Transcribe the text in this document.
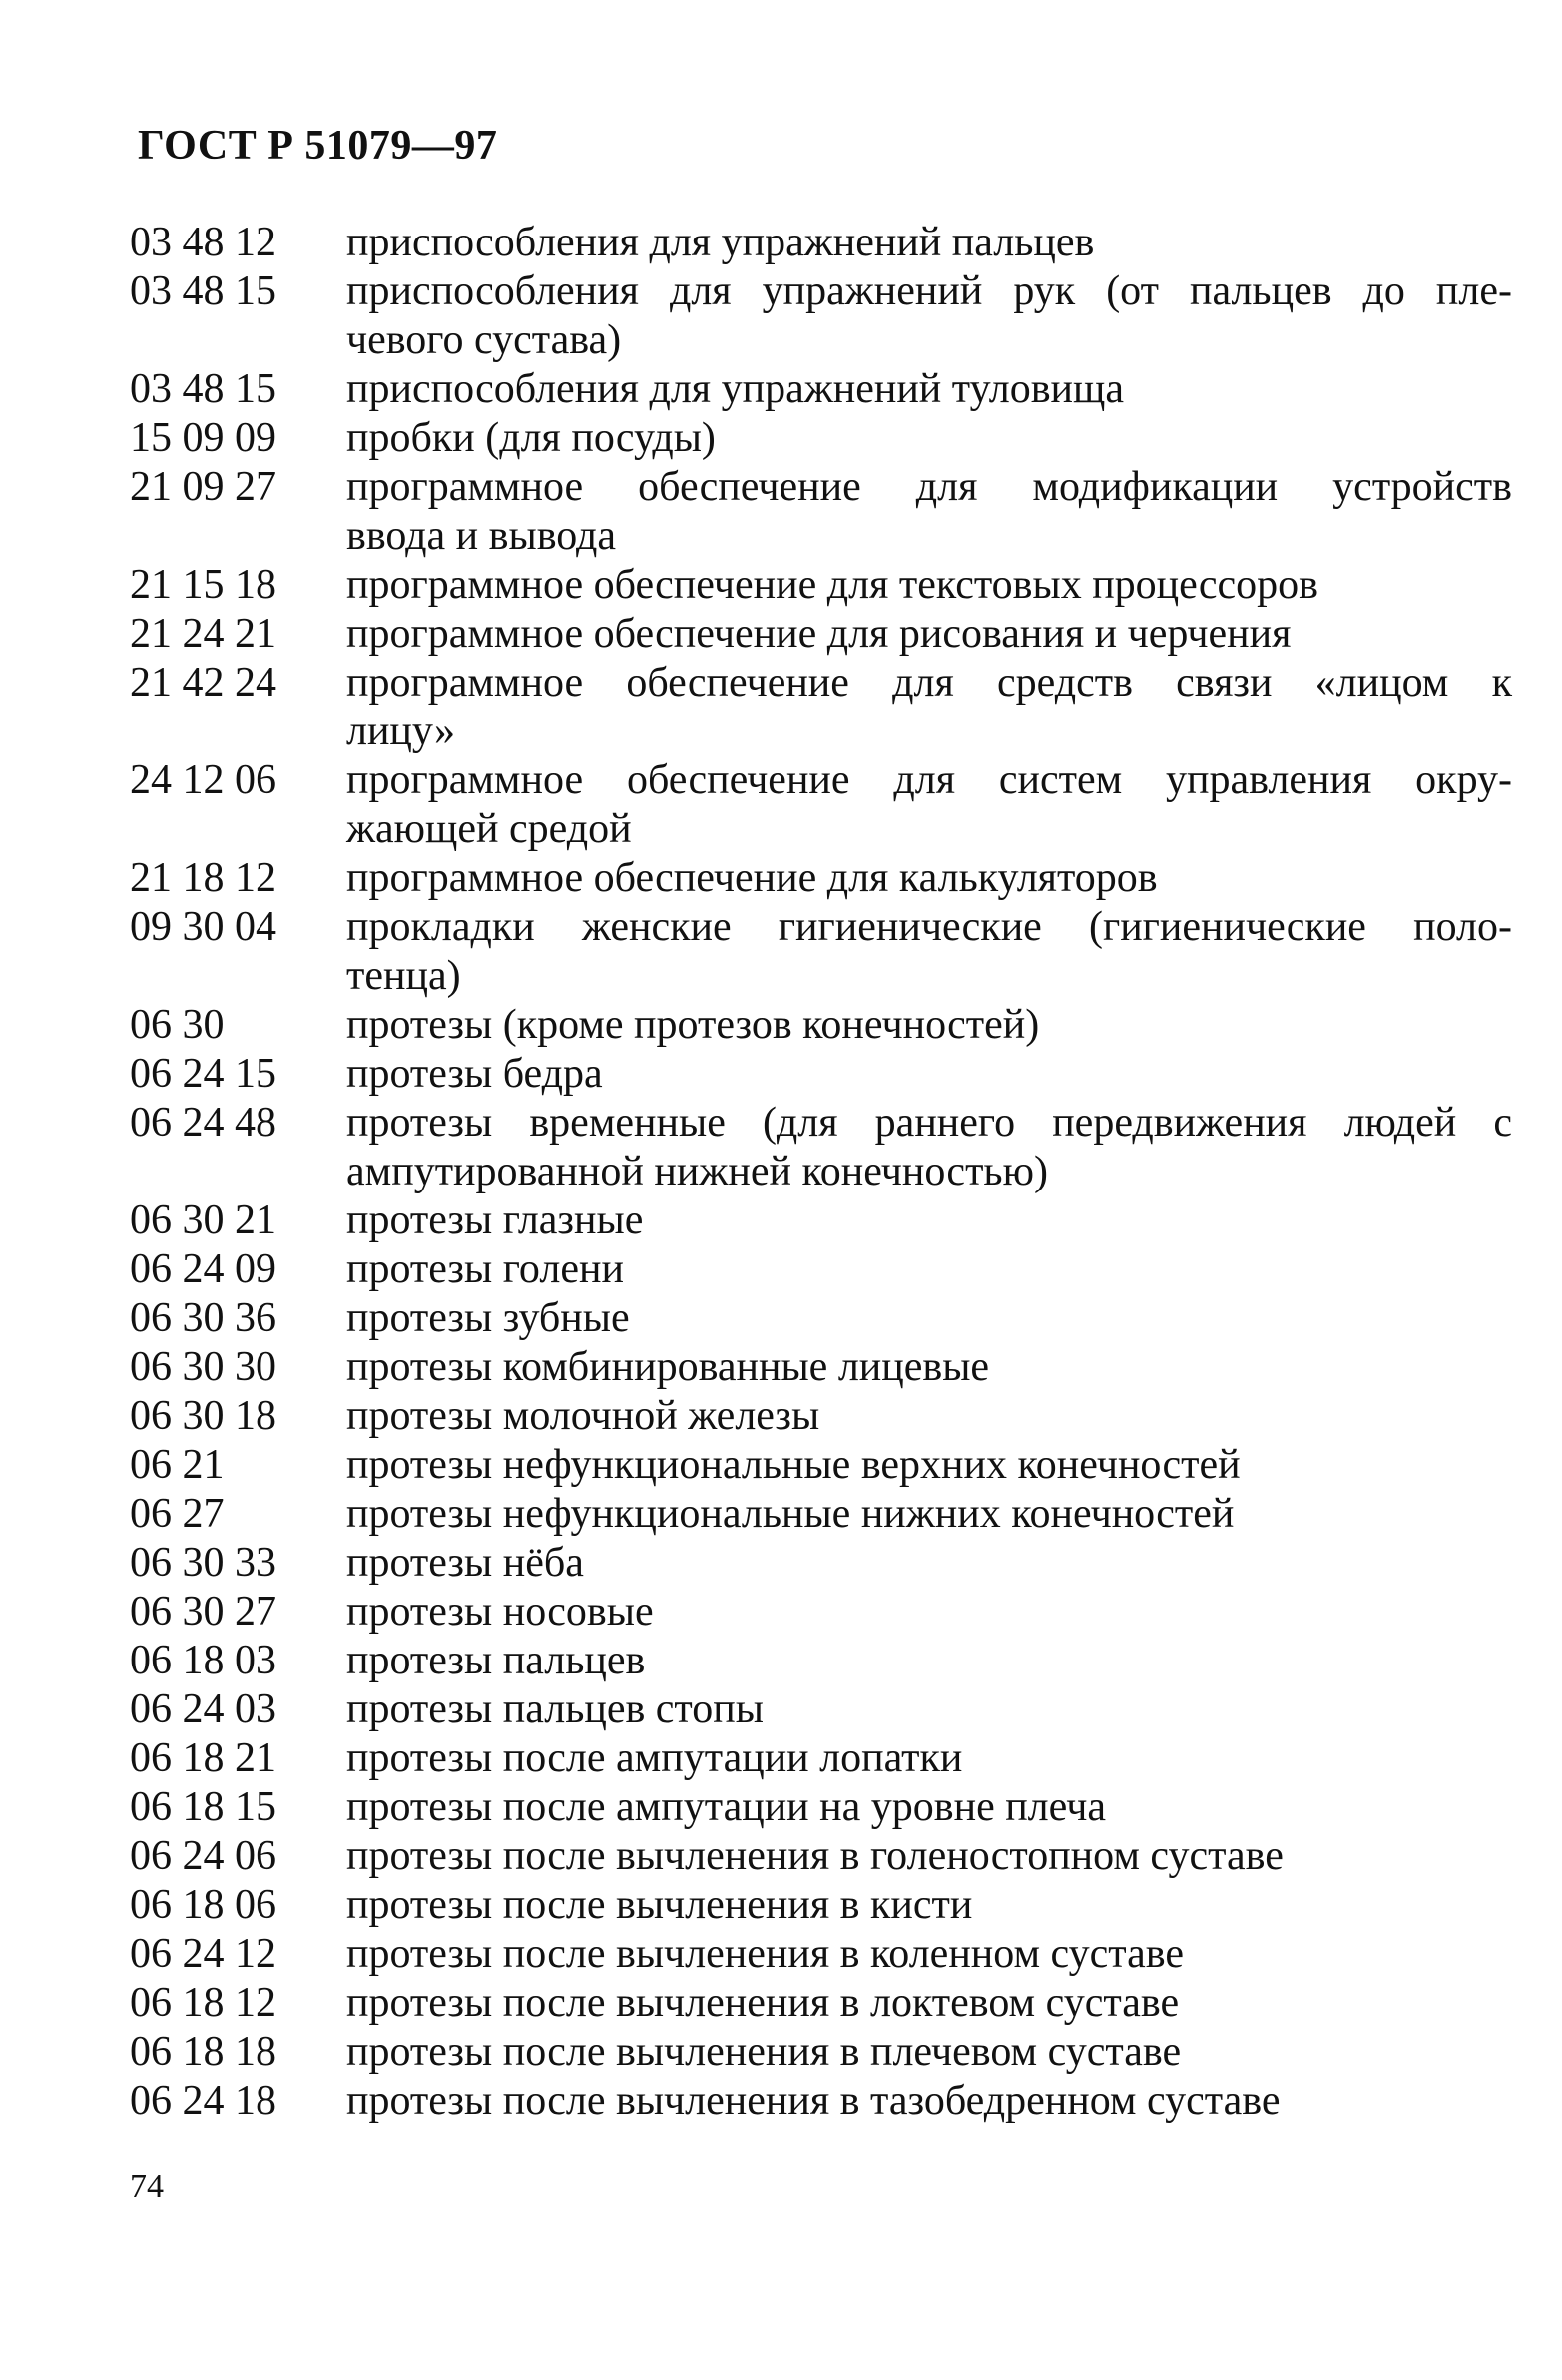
ГОСТ Р 51079—97
03 48 12	приспособления для упражнений пальцев
03 48 15	приспособления для упражнений рук (от пальцев до пле-
чевого сустава)
03 48 15	приспособления для упражнений туловища
15 09 09	пробки (для посуды)
21 09 27	программное обеспечение для модификации устройств
ввода и вывода
21 15 18	программное обеспечение для текстовых процессоров
21 24 21	программное обеспечение для рисования и черчения
21 42 24	программное обеспечение для средств связи «лицом к
лицу»
24 12 06	программное обеспечение для систем управления окру-
жающей средой
21 18 12	программное обеспечение для калькуляторов
09 30 04	прокладки женские гигиенические (гигиенические поло-
тенца)
06 30	протезы (кроме протезов конечностей)
06 24 15	протезы бедра
06 24 48	протезы временные (для раннего передвижения людей с
ампутированной нижней конечностью)
06 30 21	протезы глазные
06 24 09	протезы голени
06 30 36	протезы зубные
06 30 30	протезы комбинированные лицевые
06 30 18	протезы молочной железы
06 21	протезы нефункциональные верхних конечностей
06 27	протезы нефункциональные нижних конечностей
06 30 33	протезы нёба
06 30 27	протезы носовые
06 18 03	протезы пальцев
06 24 03	протезы пальцев стопы
06 18 21	протезы после ампутации лопатки
06 18 15	протезы после ампутации на уровне плеча
06 24 06	протезы после вычленения в голеностопном суставе
06 18 06	протезы после вычленения в кисти
06 24 12	протезы после вычленения в коленном суставе
06 18 12	протезы после вычленения в локтевом суставе
06 18 18	протезы после вычленения в плечевом суставе
06 24 18	протезы после вычленения в тазобедренном суставе
74
